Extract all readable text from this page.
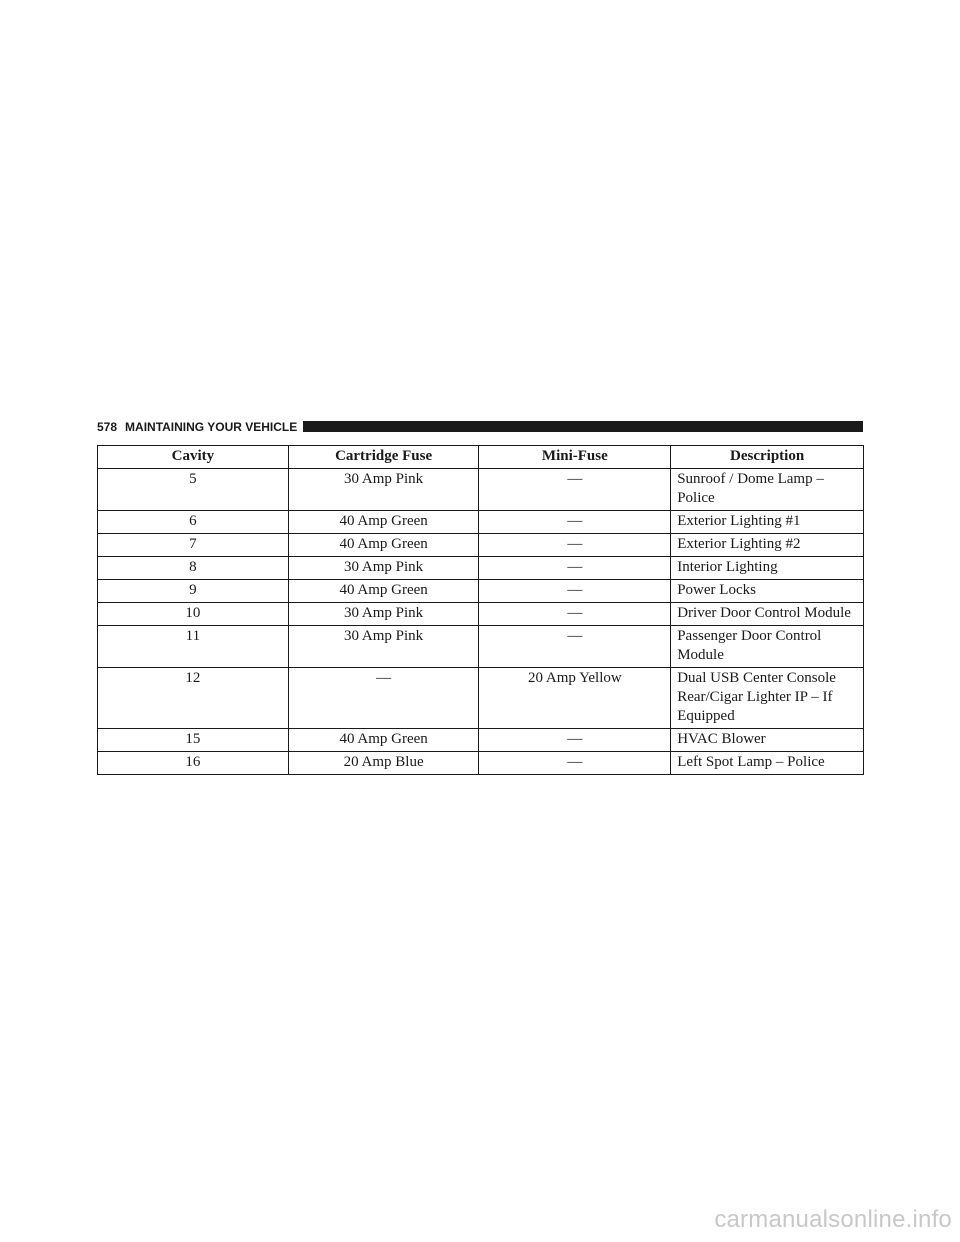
578 MAINTAINING YOUR VEHICLE
Cavity	Cartridge Fuse	Mini-Fuse	Description
5	30 Amp Pink	—	Sunroof / Dome Lamp – Police
6	40 Amp Green	—	Exterior Lighting #1
7	40 Amp Green	—	Exterior Lighting #2
8	30 Amp Pink	—	Interior Lighting
9	40 Amp Green	—	Power Locks
10	30 Amp Pink	—	Driver Door Control Module
11	30 Amp Pink	—	Passenger Door Control Module
12	—	20 Amp Yellow	Dual USB Center Console Rear/Cigar Lighter IP – If Equipped
15	40 Amp Green	—	HVAC Blower
16	20 Amp Blue	—	Left Spot Lamp – Police
carmanualsonline.info
